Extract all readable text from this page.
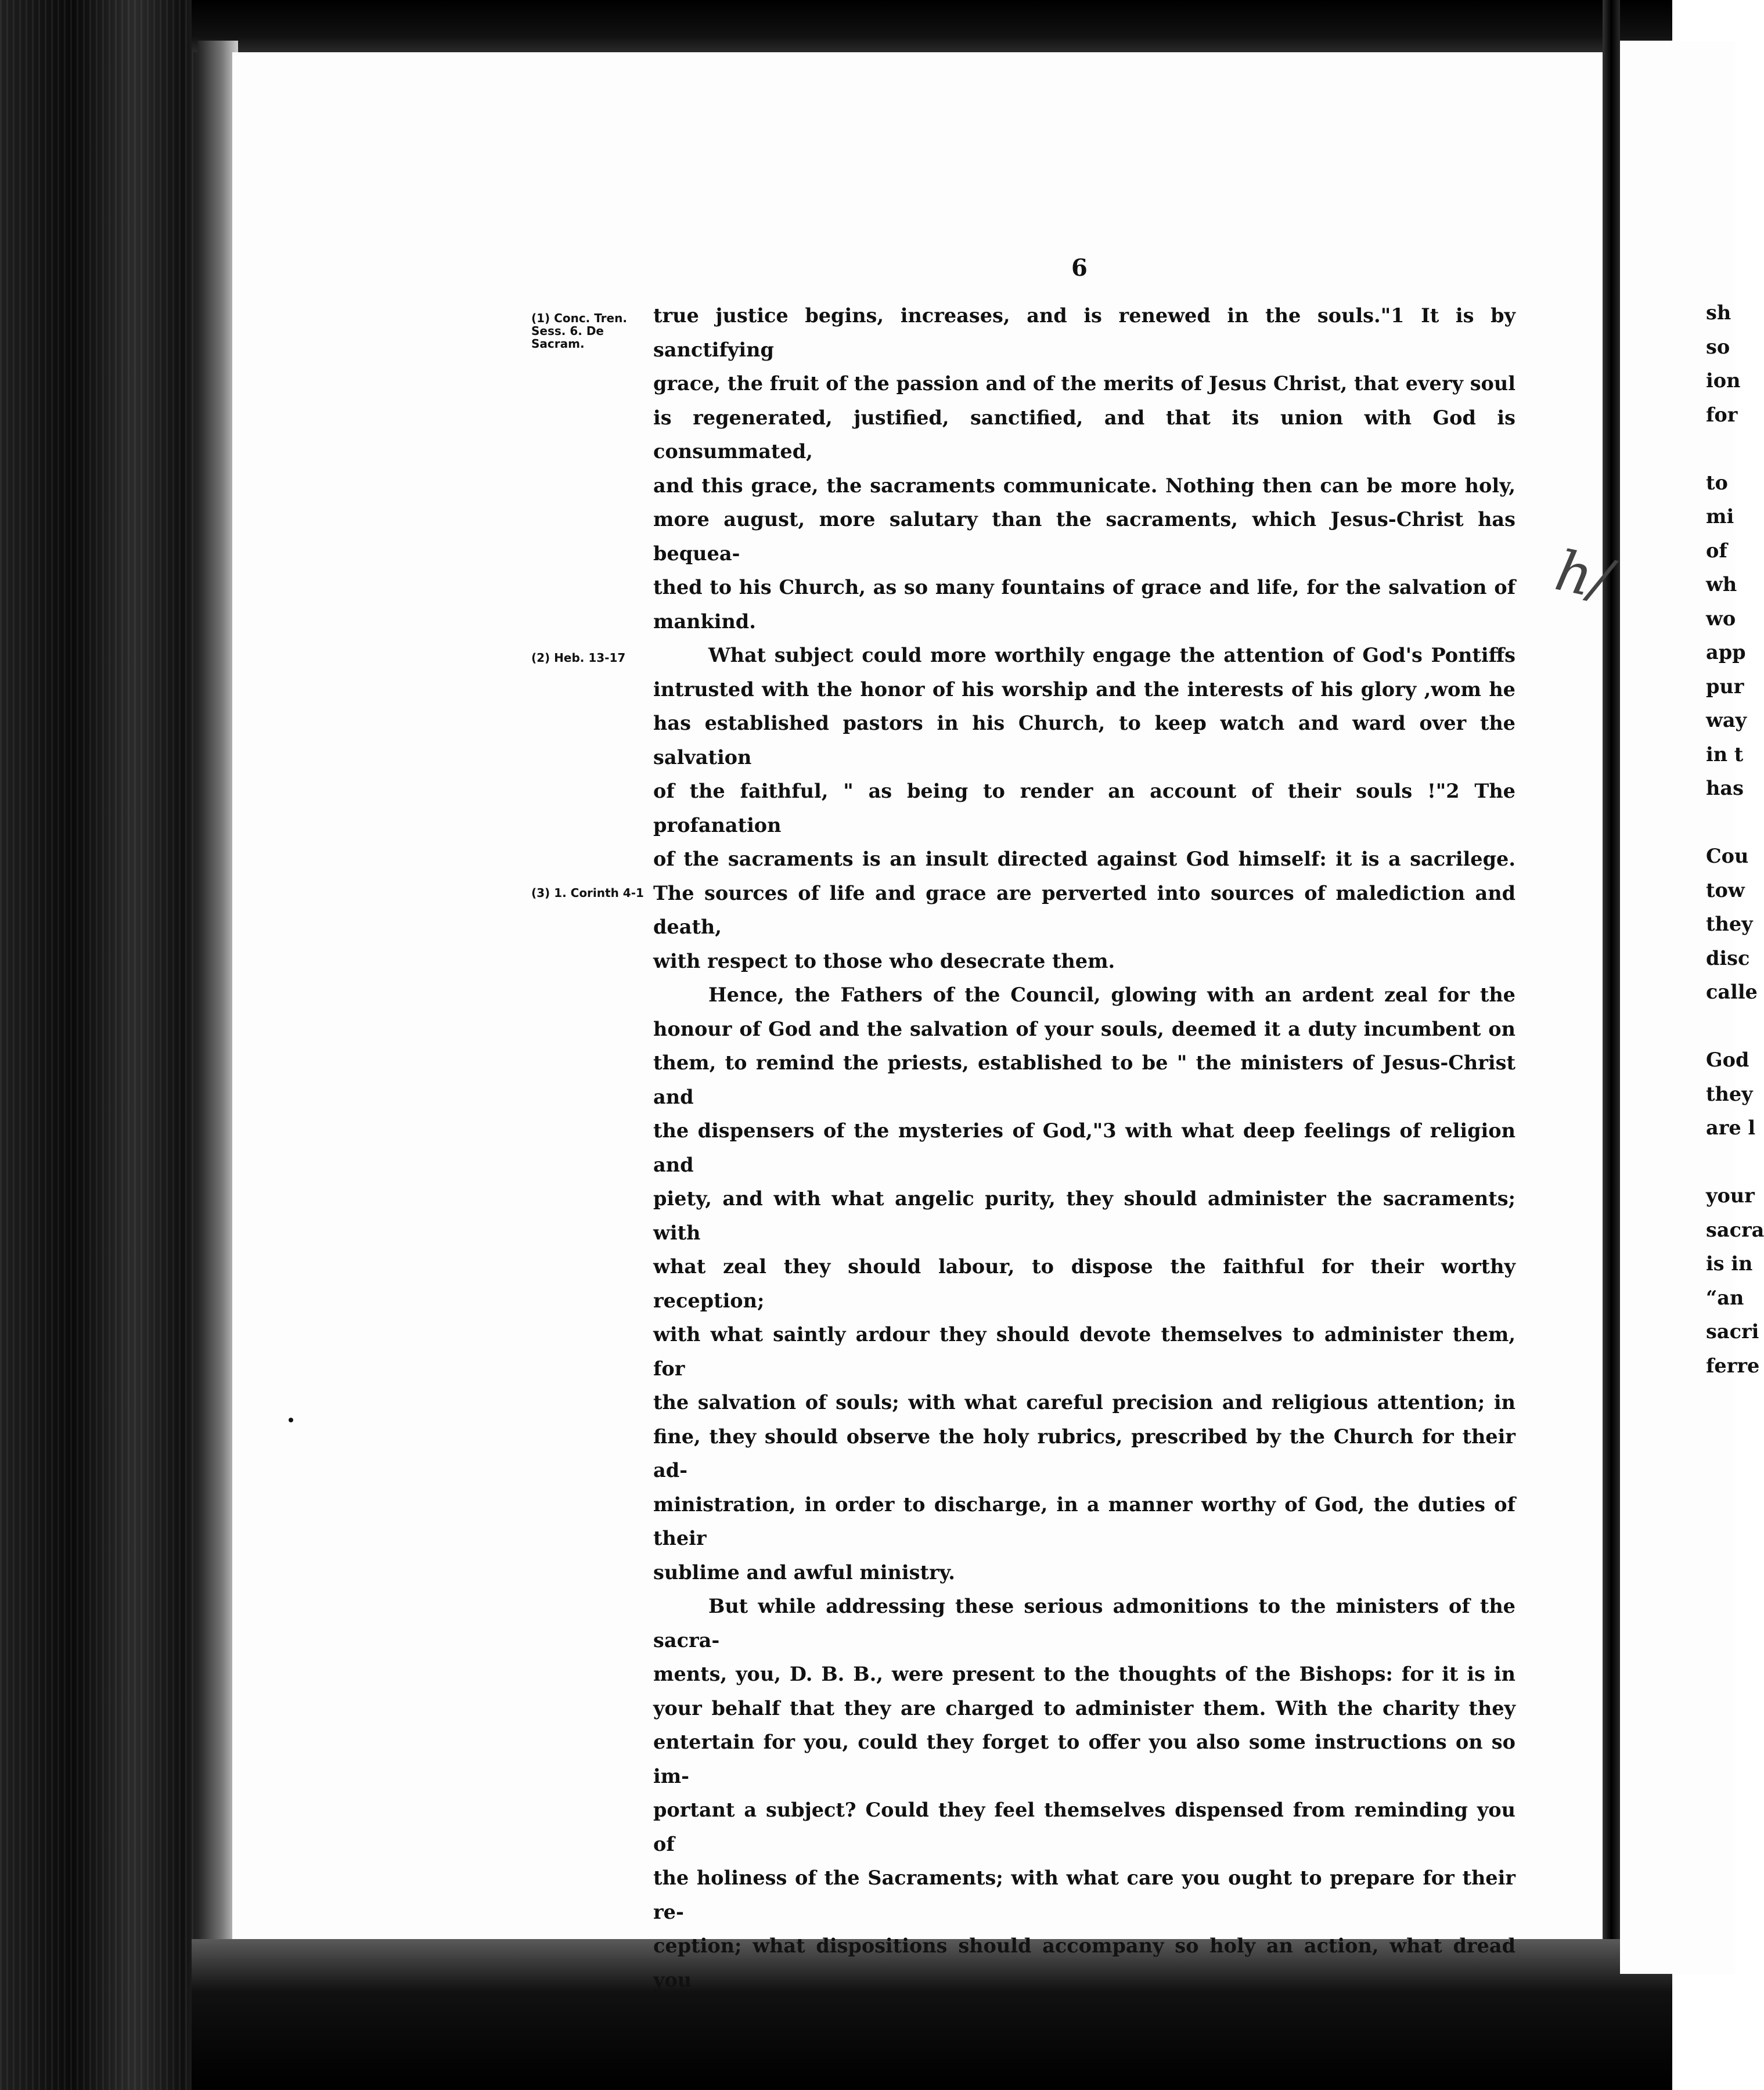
6
(1) Conc. Tren. Sess. 6. De Sacram.
(2) Heb. 13-17
(3) 1. Corinth 4-1

true justice begins, increases, and is renewed in the souls."1 It is by sanctifying
grace, the fruit of the passion and of the merits of Jesus Christ, that every soul
is regenerated, justified, sanctified, and that its union with God is consummated,
and this grace, the sacraments communicate. Nothing then can be more holy,
more august, more salutary than the sacraments, which Jesus-Christ has bequea-
thed to his Church, as so many fountains of grace and life, for the salvation of
mankind.

What subject could more worthily engage the attention of God's Pontiffs
intrusted with the honor of his worship and the interests of his glory ,wom he
has established pastors in his Church, to keep watch and ward over the salvation
of the faithful, " as being to render an account of their souls !"2 The profanation
of the sacraments is an insult directed against God himself: it is a sacrilege.
The sources of life and grace are perverted into sources of malediction and death,
with respect to those who desecrate them.

Hence, the Fathers of the Council, glowing with an ardent zeal for the
honour of God and the salvation of your souls, deemed it a duty incumbent on
them, to remind the priests, established to be " the ministers of Jesus-Christ and
the dispensers of the mysteries of God,"3 with what deep feelings of religion and
piety, and with what angelic purity, they should administer the sacraments; with
what zeal they should labour, to dispose the faithful for their worthy reception;
with what saintly ardour they should devote themselves to administer them, for
the salvation of souls; with what careful precision and religious attention; in
fine, they should observe the holy rubrics, prescribed by the Church for their ad-
ministration, in order to discharge, in a manner worthy of God, the duties of their
sublime and awful ministry.

But while addressing these serious admonitions to the ministers of the sacra-
ments, you, D. B. B., were present to the thoughts of the Bishops: for it is in
your behalf that they are charged to administer them. With the charity they
entertain for you, could they forget to offer you also some instructions on so im-
portant a subject? Could they feel themselves dispensed from reminding you of
the holiness of the Sacraments; with what care you ought to prepare for their re-
ception; what dispositions should accompany so holy an action, what dread you

h/
sh
so
ion
for
to
mi
of
wh
wo
app
pur
way
in t
has
Cou
tow
they
disc
calle
God
they
are l
your
sacra
is in
“an
sacri
ferre
